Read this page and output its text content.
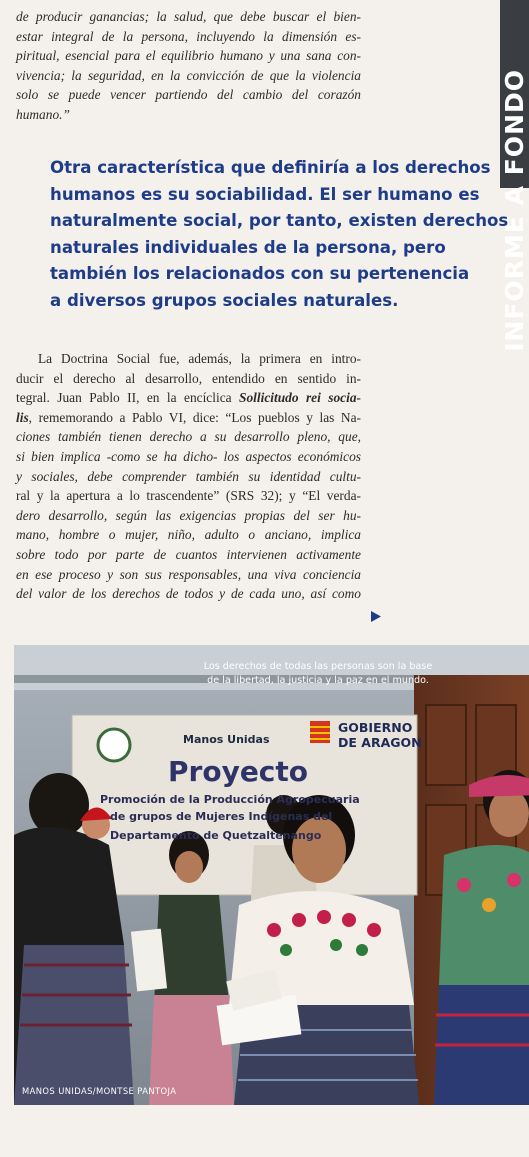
INFORME A FONDO
de producir ganancias; la salud, que debe buscar el bien-
estar integral de la persona, incluyendo la dimensión es-
piritual, esencial para el equilibrio humano y una sana con-
vivencia; la seguridad, en la convicción de que la violencia
solo se puede vencer partiendo del cambio del corazón
humano.”
Otra característica que definiría a los derechos
humanos es su sociabilidad. El ser humano es
naturalmente social, por tanto, existen derechos
naturales individuales de la persona, pero
también los relacionados con su pertenencia
a diversos grupos sociales naturales.
La Doctrina Social fue, además, la primera en intro-
ducir el derecho al desarrollo, entendido en sentido in-
tegral. Juan Pablo II, en la encíclica Sollicitudo rei socia-
lis, rememorando a Pablo VI, dice: “Los pueblos y las Na-
ciones también tienen derecho a su desarrollo pleno, que,
si bien implica -como se ha dicho- los aspectos económicos
y sociales, debe comprender también su identidad cultu-
ral y la apertura a lo trascendente” (SRS 32); y “El verda-
dero desarrollo, según las exigencias propias del ser hu-
mano, hombre o mujer, niño, adulto o anciano, implica
sobre todo por parte de cuantos intervienen activamente
en ese proceso y son sus responsables, una viva conciencia
del valor de los derechos de todos y de cada uno, así como
Manos Unidas
GOBIERNO
DE ARAGON
Proyecto
Promoción de la Producción Agropecuaria
de grupos de Mujeres Indígenas del
Departamento de Quetzaltenango
Los derechos de todas las personas son la base de la libertad, la justicia y la paz en el mundo.
MANOS UNIDAS/MONTSE PANTOJA
